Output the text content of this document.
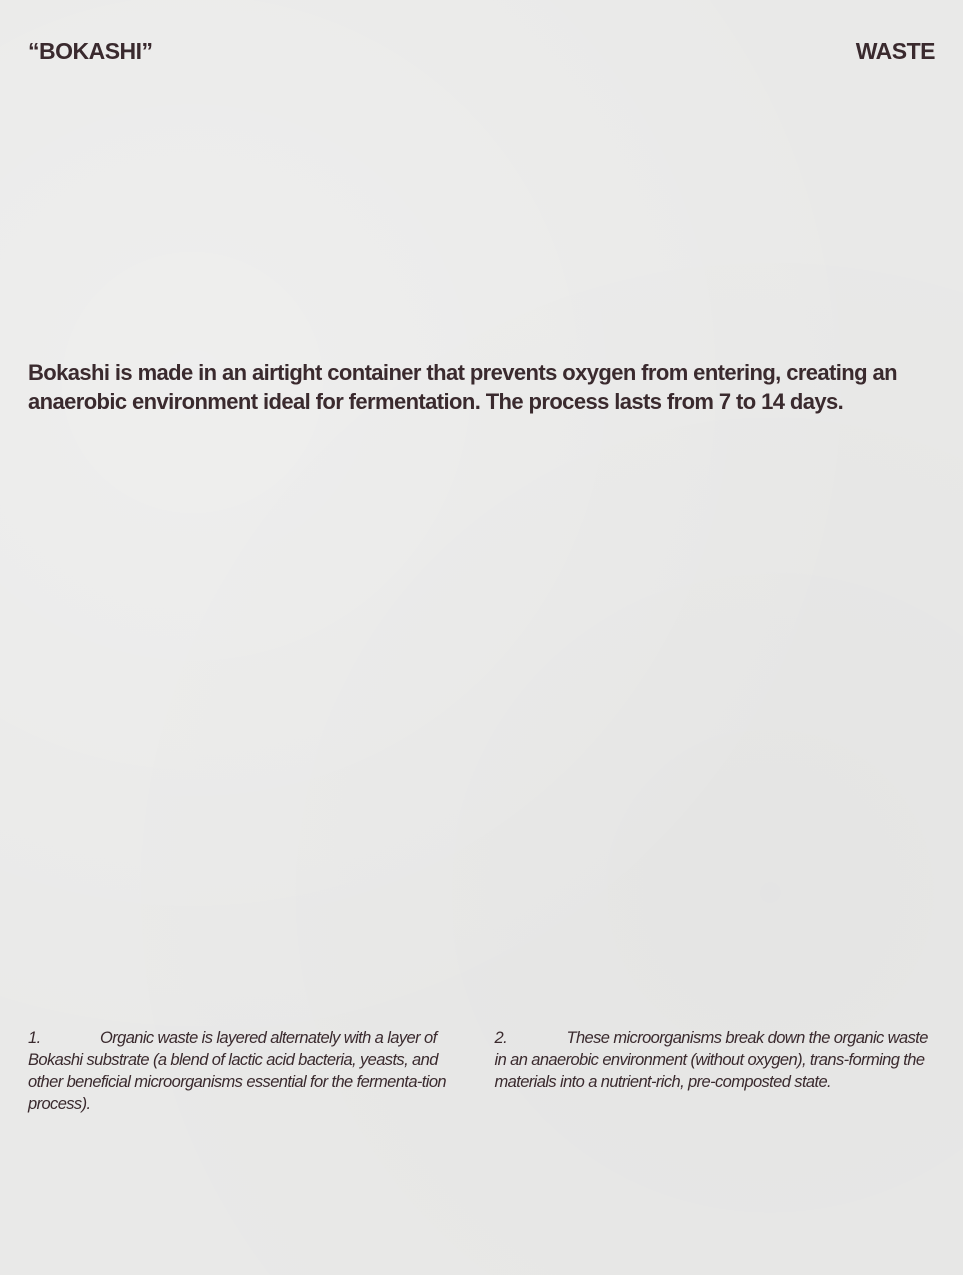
“BOKASHI”	WASTE

Bokashi is made in an airtight container that prevents oxygen from entering, creating an anaerobic environment ideal for fermentation. The process lasts from 7 to 14 days.

1.	Organic waste is layered alternately with a layer of Bokashi substrate (a blend of lactic acid bacteria, yeasts, and other beneficial microorganisms essential for the fermenta-tion process).
2.	These microorganisms break down the organic waste in an anaerobic environment (without oxygen), trans-forming the materials into a nutrient-rich, pre-composted state.
